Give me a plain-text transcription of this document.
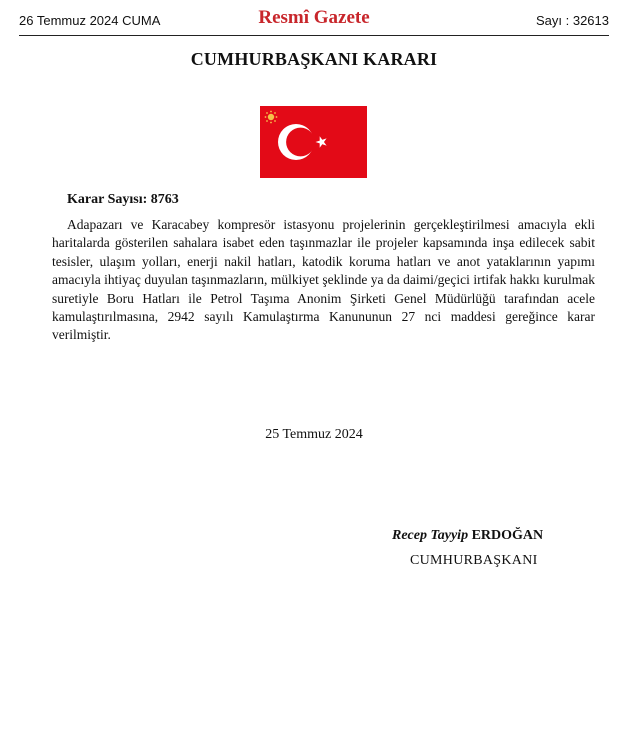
26 Temmuz 2024 CUMA	Resmî Gazete	Sayı : 32613
CUMHURBAŞKANI KARARI
Karar Sayısı: 8763

Adapazarı ve Karacabey kompresör istasyonu projelerinin gerçekleştirilmesi amacıyla ekli haritalarda gösterilen sahalara isabet eden taşınmazlar ile projeler kapsamında inşa edilecek sabit tesisler, ulaşım yolları, enerji nakil hatları, katodik koruma hatları ve anot yataklarının yapımı amacıyla ihtiyaç duyulan taşınmazların, mülkiyet şeklinde ya da daimi/geçici irtifak hakkı kurulmak suretiyle Boru Hatları ile Petrol Taşıma Anonim Şirketi Genel Müdürlüğü tarafından acele kamulaştırılmasına, 2942 sayılı Kamulaştırma Kanununun 27 nci maddesi gereğince karar verilmiştir.

25 Temmuz 2024
Recep Tayyip ERDOĞAN
CUMHURBAŞKANI
